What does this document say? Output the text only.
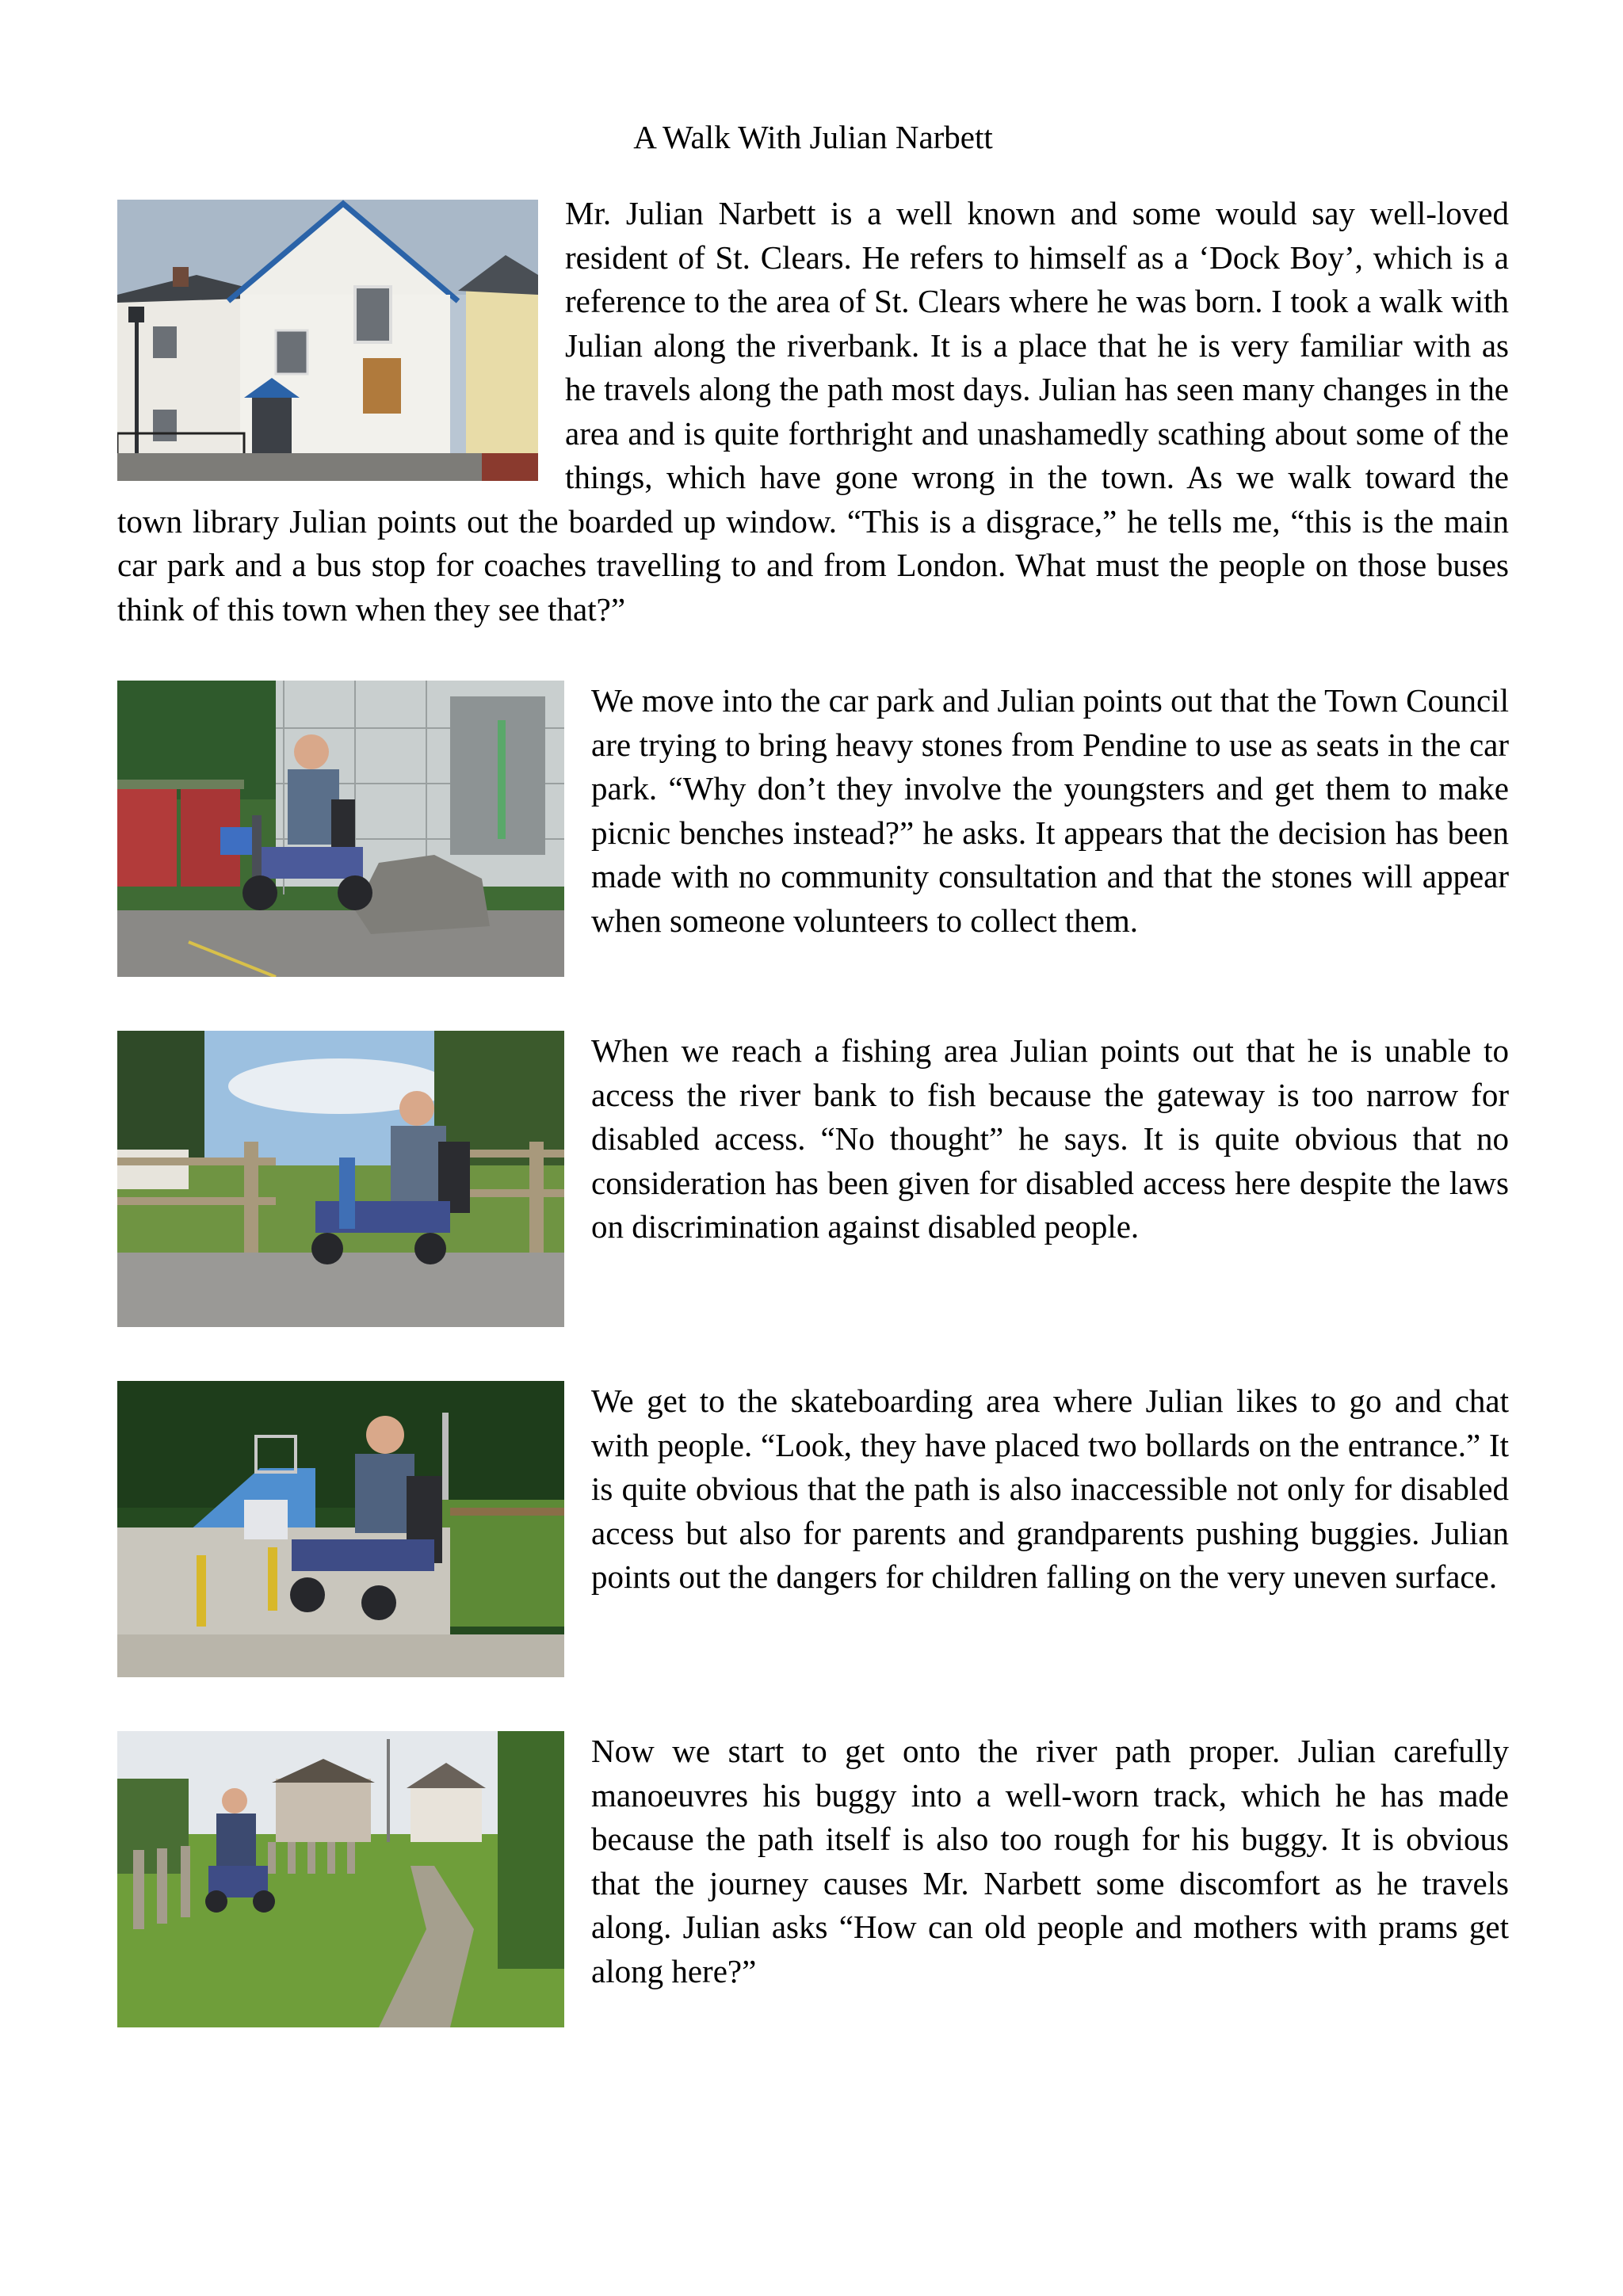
A Walk With Julian Narbett

Mr. Julian Narbett is a well known and some would say well-loved resident of St. Clears. He refers to himself as a ‘Dock Boy’, which is a reference to the area of St. Clears where he was born. I took a walk with Julian along the riverbank. It is a place that he is very familiar with as he travels along the path most days. Julian has seen many changes in the area and is quite forthright and unashamedly scathing about some of the things, which have gone wrong in the town. As we walk toward the town library Julian points out the boarded up window. “This is a disgrace,” he tells me, “this is the main car park and a bus stop for coaches travelling to and from London. What must the people on those buses think of this town when they see that?”

We move into the car park and Julian points out that the Town Council are trying to bring heavy stones from Pendine to use as seats in the car park. “Why don’t they involve the youngsters and get them to make picnic benches instead?” he asks. It appears that the decision has been made with no community consultation and that the stones will appear when someone volunteers to collect them.

When we reach a fishing area Julian points out that he is unable to access the river bank to fish because the gateway is too narrow for disabled access. “No thought” he says. It is quite obvious that no consideration has been given for disabled access here despite the laws on discrimination against disabled people.

We get to the skateboarding area where Julian likes to go and chat with people. “Look, they have placed two bollards on the entrance.” It is quite obvious that the path is also inaccessible not only for disabled access but also for parents and grandparents pushing buggies. Julian points out the dangers for children falling on the very uneven surface.

Now we start to get onto the river path proper. Julian carefully manoeuvres his buggy into a well-worn track, which he has made because the path itself is also too rough for his buggy. It is obvious that the journey causes Mr. Narbett some discomfort as he travels along. Julian asks “How can old people and mothers with prams get along here?”
